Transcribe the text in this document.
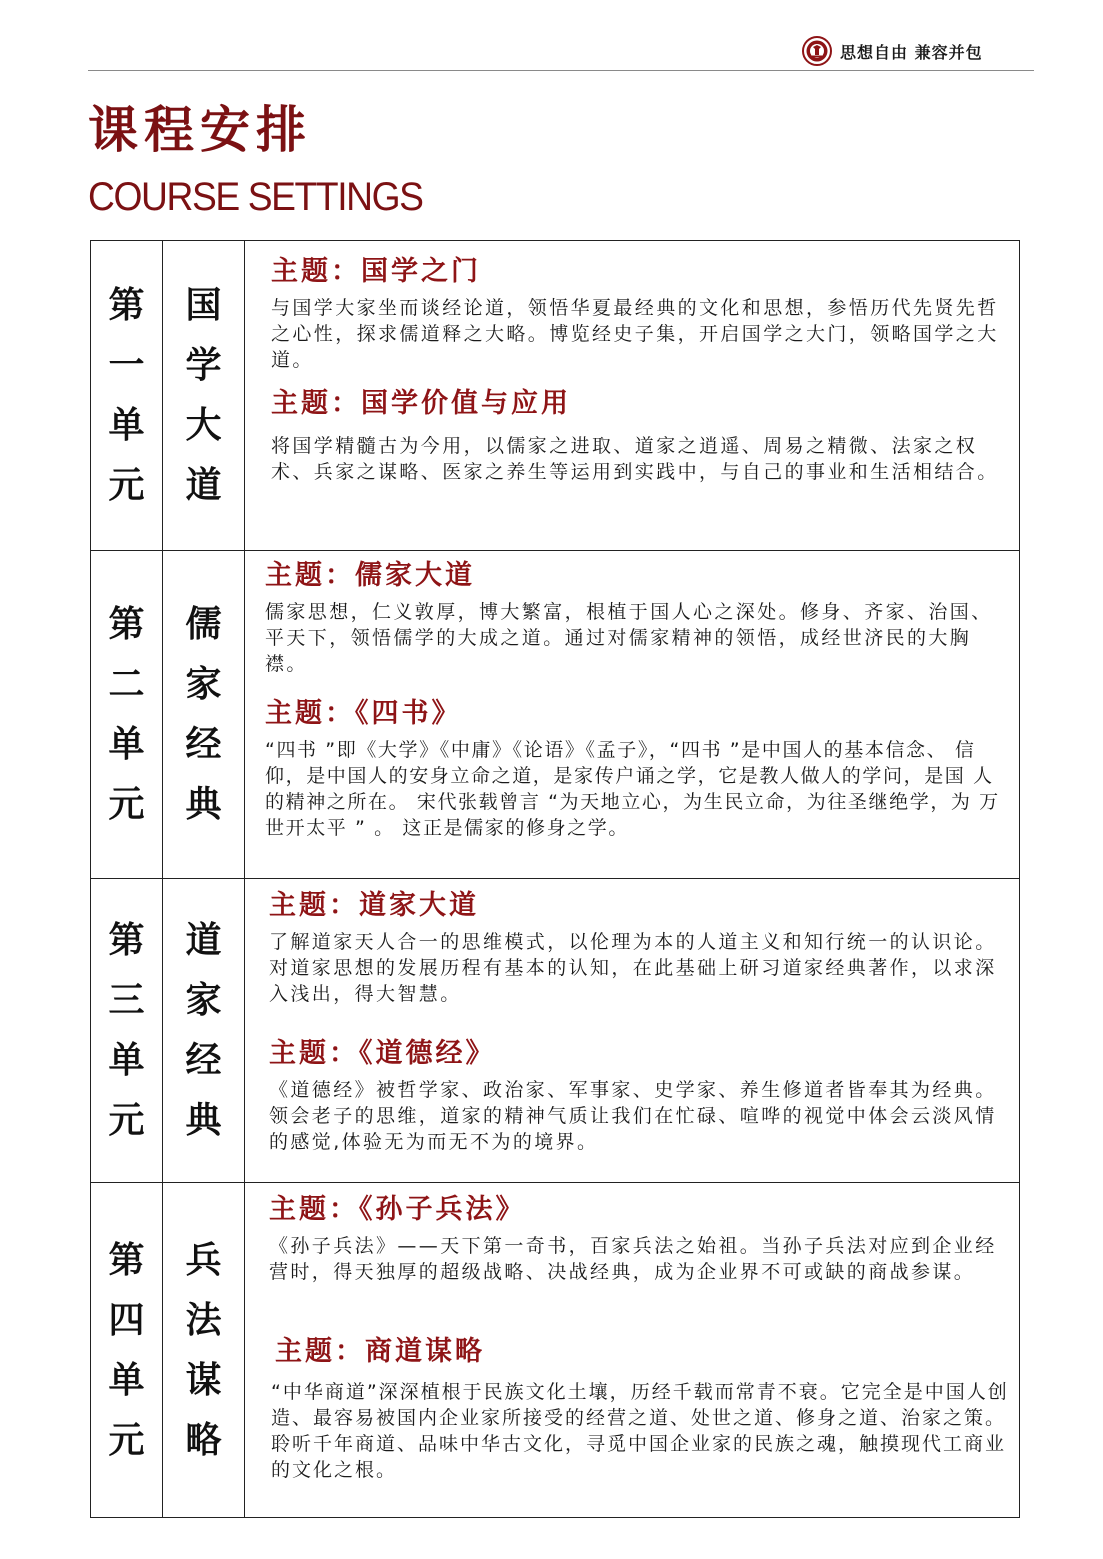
思想自由 兼容并包
课程安排
COURSE SETTINGS
第
一
单
元
国
学
大
道

主题：国学之门

与国学大家坐而谈经论道，领悟华夏最经典的文化和思想，参悟历代先贤先哲之心性，探求儒道释之大略。博览经史子集，开启国学之大门，领略国学之大道。

主题：国学价值与应用

将国学精髓古为今用，以儒家之进取、道家之逍遥、周易之精微、法家之权术、兵家之谋略、医家之养生等运用到实践中，与自己的事业和生活相结合。

第
二
单
元
儒
家
经
典

主题：儒家大道

儒家思想，仁义敦厚，博大繁富，根植于国人心之深处。修身、齐家、治国、平天下，领悟儒学的大成之道。通过对儒家精神的领悟，成经世济民的大胸襟。

主题：《四书》

“四书 ”即《大学》《中庸》《论语》《孟子》，“四书 ”是中国人的基本信念、 信仰，是中国人的安身立命之道，是家传户诵之学，它是教人做人的学问，是国 人的精神之所在。 宋代张载曾言 “为天地立心，为生民立命，为往圣继绝学，为 万世开太平 ” 。 这正是儒家的修身之学。

第
三
单
元
道
家
经
典

主题：道家大道

了解道家天人合一的思维模式，以伦理为本的人道主义和知行统一的认识论。对道家思想的发展历程有基本的认知，在此基础上研习道家经典著作，以求深入浅出，得大智慧。

主题：《道德经》

《道德经》被哲学家、政治家、军事家、史学家、养生修道者皆奉其为经典。领会老子的思维，道家的精神气质让我们在忙碌、喧哗的视觉中体会云淡风情的感觉,体验无为而无不为的境界。

第
四
单
元
兵
法
谋
略

主题：《孙子兵法》

《孙子兵法》——天下第一奇书，百家兵法之始祖。当孙子兵法对应到企业经营时，得天独厚的超级战略、决战经典，成为企业界不可或缺的商战参谋。

主题：商道谋略

“中华商道”深深植根于民族文化土壤，历经千载而常青不衰。它完全是中国人创造、最容易被国内企业家所接受的经营之道、处世之道、修身之道、治家之策。聆听千年商道、品味中华古文化，寻觅中国企业家的民族之魂，触摸现代工商业的文化之根。
